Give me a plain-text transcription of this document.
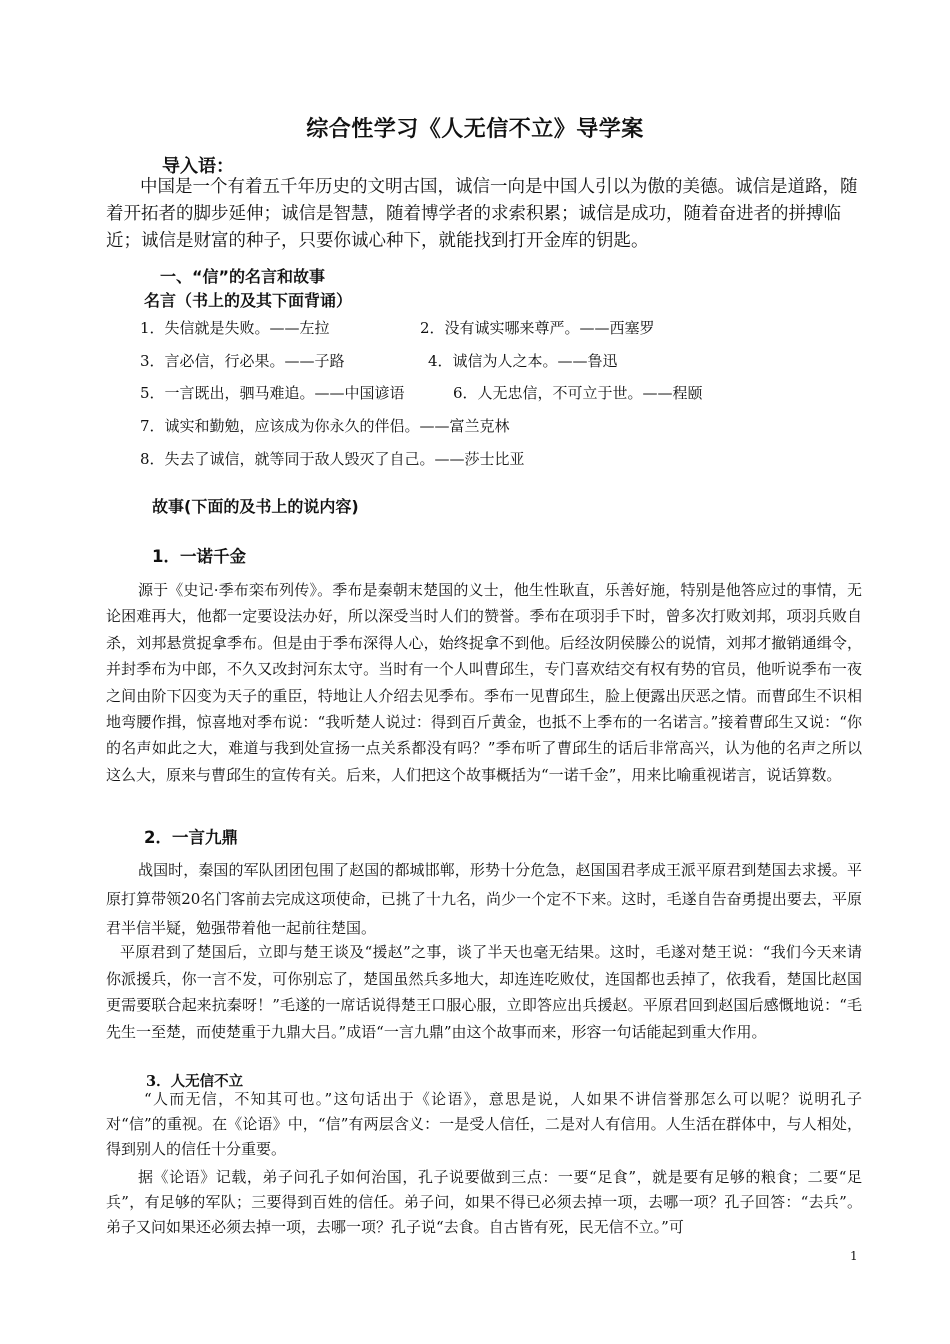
综合性学习《人无信不立》导学案
导入语：
中国是一个有着五千年历史的文明古国，诚信一向是中国人引以为傲的美德。诚信是道路，随着开拓者的脚步延伸；诚信是智慧，随着博学者的求索积累；诚信是成功，随着奋进者的拼搏临近；诚信是财富的种子，只要你诚心种下，就能找到打开金库的钥匙。
一、“信”的名言和故事
名言（书上的及其下面背诵）
1．失信就是失败。——左拉	2．没有诚实哪来尊严。——西塞罗
3．言必信，行必果。——子路	4．诚信为人之本。——鲁迅
5．一言既出，驷马难追。——中国谚语	6．人无忠信，不可立于世。——程颐
7．诚实和勤勉，应该成为你永久的伴侣。——富兰克林
8．失去了诚信，就等同于敌人毁灭了自己。——莎士比亚
故事(下面的及书上的说内容)
1．一诺千金

源于《史记·季布栾布列传》。季布是秦朝末楚国的义士，他生性耿直，乐善好施，特别是他答应过的事情，无论困难再大，他都一定要设法办好，所以深受当时人们的赞誉。季布在项羽手下时，曾多次打败刘邦，项羽兵败自杀，刘邦悬赏捉拿季布。但是由于季布深得人心，始终捉拿不到他。后经汝阴侯滕公的说情，刘邦才撤销通缉令，并封季布为中郎，不久又改封河东太守。当时有一个人叫曹邱生，专门喜欢结交有权有势的官员，他听说季布一夜之间由阶下囚变为天子的重臣，特地让人介绍去见季布。季布一见曹邱生，脸上便露出厌恶之情。而曹邱生不识相地弯腰作揖，惊喜地对季布说：“我听楚人说过：得到百斤黄金，也抵不上季布的一名诺言。”接着曹邱生又说：“你的名声如此之大，难道与我到处宣扬一点关系都没有吗？”季布听了曹邱生的话后非常高兴，认为他的名声之所以这么大，原来与曹邱生的宣传有关。后来，人们把这个故事概括为“一诺千金”，用来比喻重视诺言，说话算数。

2．一言九鼎

战国时，秦国的军队团团包围了赵国的都城邯郸，形势十分危急，赵国国君孝成王派平原君到楚国去求援。平原打算带领20名门客前去完成这项使命，已挑了十九名，尚少一个定不下来。这时，毛遂自告奋勇提出要去，平原君半信半疑，勉强带着他一起前往楚国。

平原君到了楚国后，立即与楚王谈及“援赵”之事，谈了半天也毫无结果。这时，毛遂对楚王说：“我们今天来请你派援兵，你一言不发，可你别忘了，楚国虽然兵多地大，却连连吃败仗，连国都也丢掉了，依我看，楚国比赵国更需要联合起来抗秦呀！”毛遂的一席话说得楚王口服心服，立即答应出兵援赵。平原君回到赵国后感慨地说：“毛先生一至楚，而使楚重于九鼎大吕。”成语“一言九鼎”由这个故事而来，形容一句话能起到重大作用。

3．人无信不立

“人而无信，不知其可也。”这句话出于《论语》，意思是说，人如果不讲信誉那怎么可以呢？说明孔子对“信”的重视。在《论语》中，“信”有两层含义：一是受人信任，二是对人有信用。人生活在群体中，与人相处，得到别人的信任十分重要。

据《论语》记载，弟子问孔子如何治国，孔子说要做到三点：一要“足食”，就是要有足够的粮食；二要“足兵”，有足够的军队；三要得到百姓的信任。弟子问，如果不得已必须去掉一项，去哪一项？孔子回答：“去兵”。弟子又问如果还必须去掉一项，去哪一项？孔子说“去食。自古皆有死，民无信不立。”可

1
